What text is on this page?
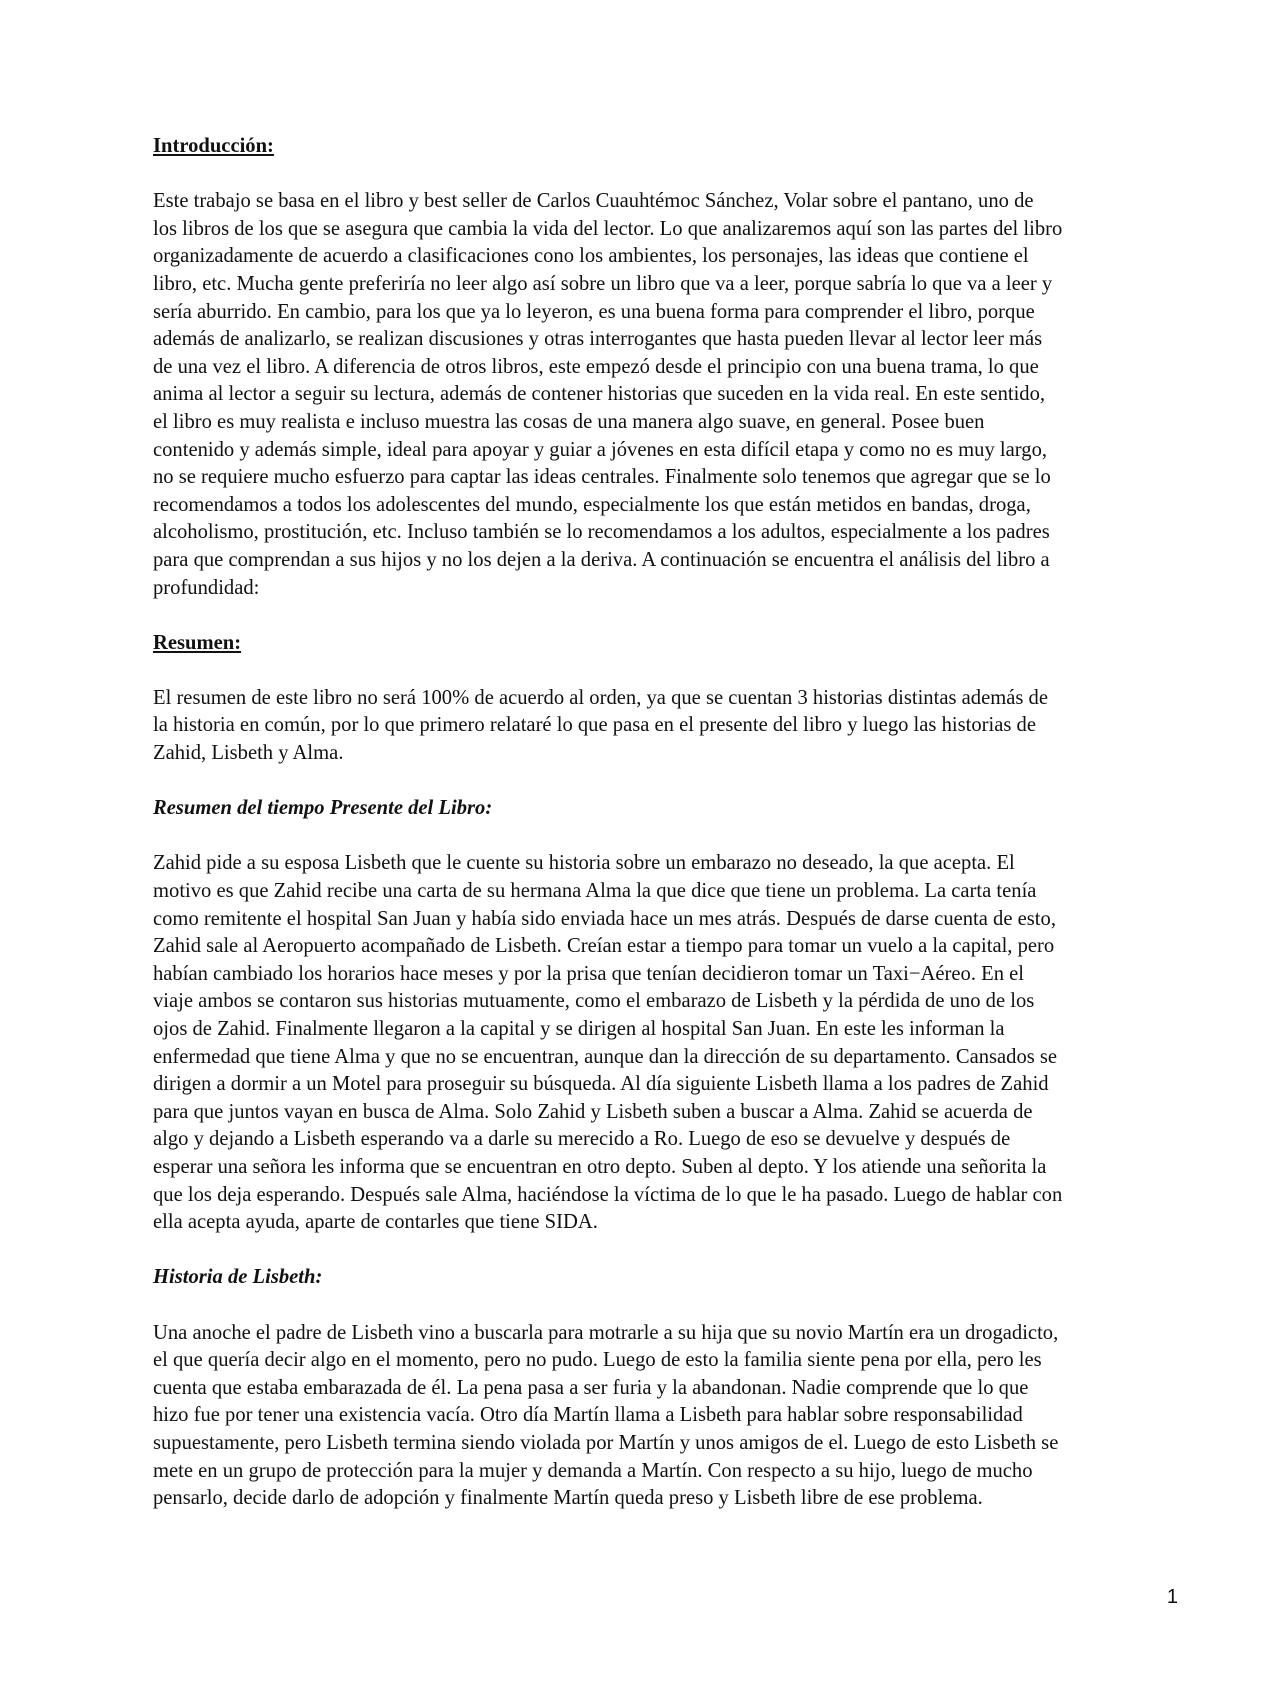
Introducción:

Este trabajo se basa en el libro y best seller de Carlos Cuauhtémoc Sánchez, Volar sobre el pantano, uno de
los libros de los que se asegura que cambia la vida del lector. Lo que analizaremos aquí son las partes del libro
organizadamente de acuerdo a clasificaciones cono los ambientes, los personajes, las ideas que contiene el
libro, etc. Mucha gente preferiría no leer algo así sobre un libro que va a leer, porque sabría lo que va a leer y
sería aburrido. En cambio, para los que ya lo leyeron, es una buena forma para comprender el libro, porque
además de analizarlo, se realizan discusiones y otras interrogantes que hasta pueden llevar al lector leer más
de una vez el libro. A diferencia de otros libros, este empezó desde el principio con una buena trama, lo que
anima al lector a seguir su lectura, además de contener historias que suceden en la vida real. En este sentido,
el libro es muy realista e incluso muestra las cosas de una manera algo suave, en general. Posee buen
contenido y además simple, ideal para apoyar y guiar a jóvenes en esta difícil etapa y como no es muy largo,
no se requiere mucho esfuerzo para captar las ideas centrales. Finalmente solo tenemos que agregar que se lo
recomendamos a todos los adolescentes del mundo, especialmente los que están metidos en bandas, droga,
alcoholismo, prostitución, etc. Incluso también se lo recomendamos a los adultos, especialmente a los padres
para que comprendan a sus hijos y no los dejen a la deriva. A continuación se encuentra el análisis del libro a
profundidad:

Resumen:

El resumen de este libro no será 100% de acuerdo al orden, ya que se cuentan 3 historias distintas además de
la historia en común, por lo que primero relataré lo que pasa en el presente del libro y luego las historias de
Zahid, Lisbeth y Alma.

Resumen del tiempo Presente del Libro:

Zahid pide a su esposa Lisbeth que le cuente su historia sobre un embarazo no deseado, la que acepta. El
motivo es que Zahid recibe una carta de su hermana Alma la que dice que tiene un problema. La carta tenía
como remitente el hospital San Juan y había sido enviada hace un mes atrás. Después de darse cuenta de esto,
Zahid sale al Aeropuerto acompañado de Lisbeth. Creían estar a tiempo para tomar un vuelo a la capital, pero
habían cambiado los horarios hace meses y por la prisa que tenían decidieron tomar un Taxi−Aéreo. En el
viaje ambos se contaron sus historias mutuamente, como el embarazo de Lisbeth y la pérdida de uno de los
ojos de Zahid. Finalmente llegaron a la capital y se dirigen al hospital San Juan. En este les informan la
enfermedad que tiene Alma y que no se encuentran, aunque dan la dirección de su departamento. Cansados se
dirigen a dormir a un Motel para proseguir su búsqueda. Al día siguiente Lisbeth llama a los padres de Zahid
para que juntos vayan en busca de Alma. Solo Zahid y Lisbeth suben a buscar a Alma. Zahid se acuerda de
algo y dejando a Lisbeth esperando va a darle su merecido a Ro. Luego de eso se devuelve y después de
esperar una señora les informa que se encuentran en otro depto. Suben al depto. Y los atiende una señorita la
que los deja esperando. Después sale Alma, haciéndose la víctima de lo que le ha pasado. Luego de hablar con
ella acepta ayuda, aparte de contarles que tiene SIDA.

Historia de Lisbeth:

Una anoche el padre de Lisbeth vino a buscarla para motrarle a su hija que su novio Martín era un drogadicto,
el que quería decir algo en el momento, pero no pudo. Luego de esto la familia siente pena por ella, pero les
cuenta que estaba embarazada de él. La pena pasa a ser furia y la abandonan. Nadie comprende que lo que
hizo fue por tener una existencia vacía. Otro día Martín llama a Lisbeth para hablar sobre responsabilidad
supuestamente, pero Lisbeth termina siendo violada por Martín y unos amigos de el. Luego de esto Lisbeth se
mete en un grupo de protección para la mujer y demanda a Martín. Con respecto a su hijo, luego de mucho
pensarlo, decide darlo de adopción y finalmente Martín queda preso y Lisbeth libre de ese problema.

1
